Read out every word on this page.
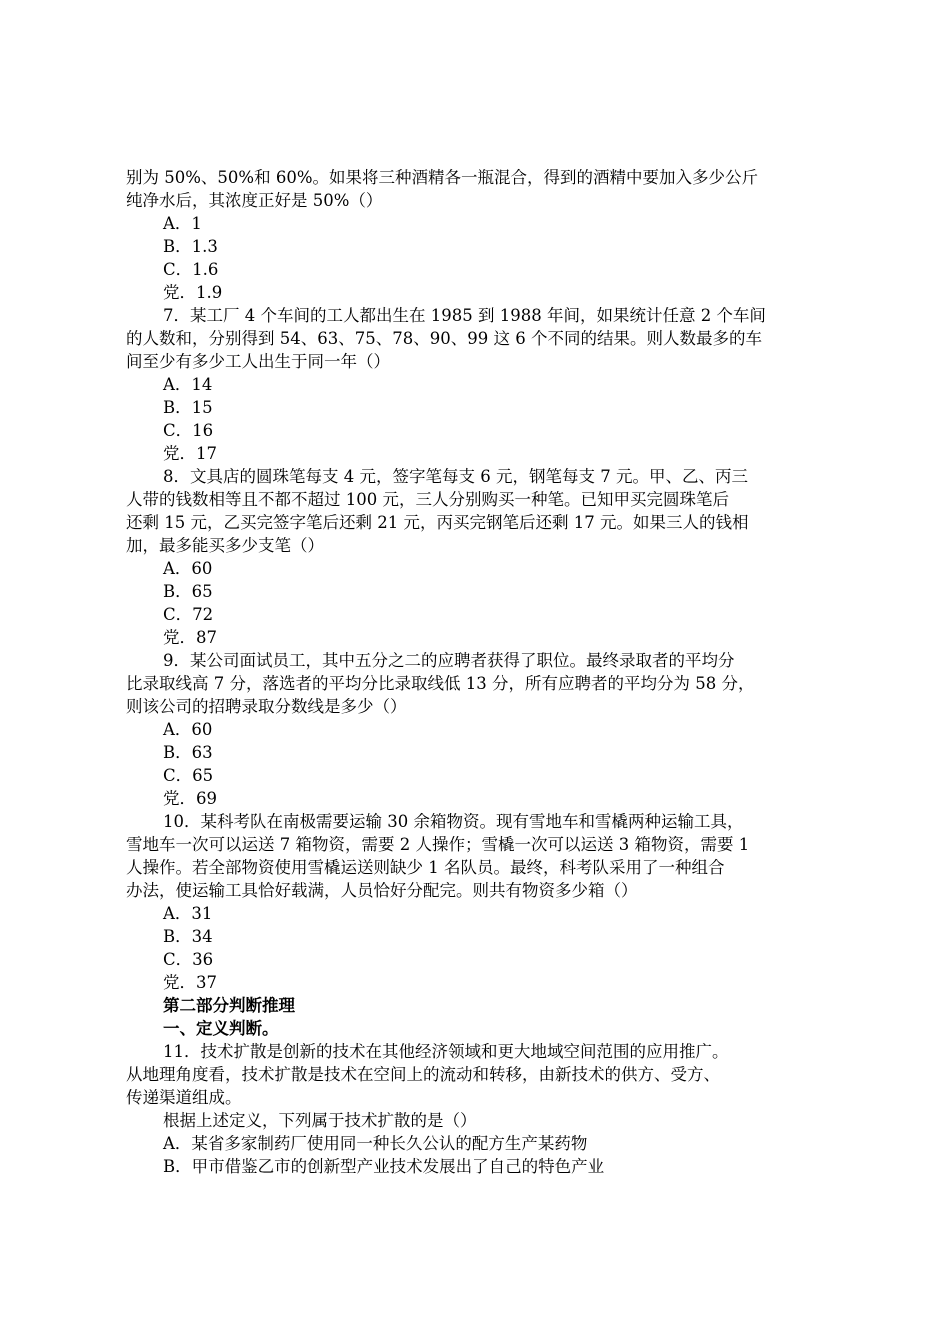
别为 50%、50%和 60%。如果将三种酒精各一瓶混合，得到的酒精中要加入多少公斤

纯净水后，其浓度正好是 50%（）

A．1

B．1.3

C．1.6

党．1.9

7．某工厂 4 个车间的工人都出生在 1985 到 1988 年间，如果统计任意 2 个车间

的人数和，分别得到 54、63、75、78、90、99 这 6 个不同的结果。则人数最多的车

间至少有多少工人出生于同一年（）

A．14

B．15

C．16

党．17

8．文具店的圆珠笔每支 4 元，签字笔每支 6 元，钢笔每支 7 元。甲、乙、丙三

人带的钱数相等且不都不超过 100 元，三人分别购买一种笔。已知甲买完圆珠笔后

还剩 15 元，乙买完签字笔后还剩 21 元，丙买完钢笔后还剩 17 元。如果三人的钱相

加，最多能买多少支笔（）

A．60

B．65

C．72

党．87

9．某公司面试员工，其中五分之二的应聘者获得了职位。最终录取者的平均分

比录取线高 7 分，落选者的平均分比录取线低 13 分，所有应聘者的平均分为 58 分，

则该公司的招聘录取分数线是多少（）

A．60

B．63

C．65

党．69

10．某科考队在南极需要运输 30 余箱物资。现有雪地车和雪橇两种运输工具，

雪地车一次可以运送 7 箱物资，需要 2 人操作；雪橇一次可以运送 3 箱物资，需要 1

人操作。若全部物资使用雪橇运送则缺少 1 名队员。最终，科考队采用了一种组合

办法，使运输工具恰好载满，人员恰好分配完。则共有物资多少箱（）

A．31

B．34

C．36

党．37

第二部分判断推理

一、定义判断。

11．技术扩散是创新的技术在其他经济领域和更大地域空间范围的应用推广。

从地理角度看，技术扩散是技术在空间上的流动和转移，由新技术的供方、受方、

传递渠道组成。

根据上述定义，下列属于技术扩散的是（）

A．某省多家制药厂使用同一种长久公认的配方生产某药物

B．甲市借鉴乙市的创新型产业技术发展出了自己的特色产业
